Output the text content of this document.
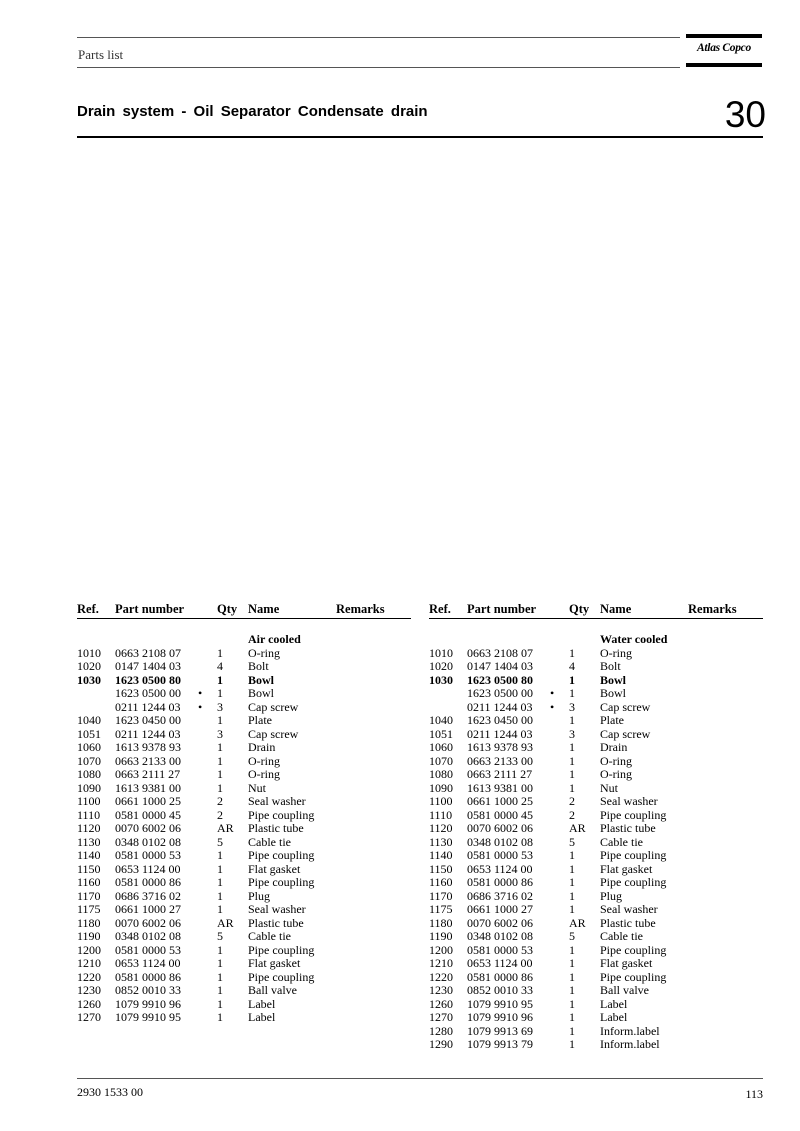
Parts list	Atlas Copco
Drain system - Oil Separator Condensate drain	30
Ref. Part number	Qty Name	Remarks
Air cooled
1010 0663 2108 07	1 O-ring
1020 0147 1404 03	4 Bolt
1030 1623 0500 80	1 Bowl
1623 0500 00 • 1 Bowl
0211 1244 03 • 3 Cap screw
1040 1623 0450 00	1 Plate
1051 0211 1244 03	3 Cap screw
1060 1613 9378 93	1 Drain
1070 0663 2133 00	1 O-ring
1080 0663 2111 27	1 O-ring
1090 1613 9381 00	1 Nut
1100 0661 1000 25	2 Seal washer
1110 0581 0000 45	2 Pipe coupling
1120 0070 6002 06	AR Plastic tube
1130 0348 0102 08	5 Cable tie
1140 0581 0000 53	1 Pipe coupling
1150 0653 1124 00	1 Flat gasket
1160 0581 0000 86	1 Pipe coupling
1170 0686 3716 02	1 Plug
1175 0661 1000 27	1 Seal washer
1180 0070 6002 06	AR Plastic tube
1190 0348 0102 08	5 Cable tie
1200 0581 0000 53	1 Pipe coupling
1210 0653 1124 00	1 Flat gasket
1220 0581 0000 86	1 Pipe coupling
1230 0852 0010 33	1 Ball valve
1260 1079 9910 96	1 Label
1270 1079 9910 95	1 Label
Ref. Part number	Qty Name	Remarks
Water cooled
1010 0663 2108 07	1 O-ring
1020 0147 1404 03	4 Bolt
1030 1623 0500 80	1 Bowl
1623 0500 00 • 1 Bowl
0211 1244 03 • 3 Cap screw
1040 1623 0450 00	1 Plate
1051 0211 1244 03	3 Cap screw
1060 1613 9378 93	1 Drain
1070 0663 2133 00	1 O-ring
1080 0663 2111 27	1 O-ring
1090 1613 9381 00	1 Nut
1100 0661 1000 25	2 Seal washer
1110 0581 0000 45	2 Pipe coupling
1120 0070 6002 06	AR Plastic tube
1130 0348 0102 08	5 Cable tie
1140 0581 0000 53	1 Pipe coupling
1150 0653 1124 00	1 Flat gasket
1160 0581 0000 86	1 Pipe coupling
1170 0686 3716 02	1 Plug
1175 0661 1000 27	1 Seal washer
1180 0070 6002 06	AR Plastic tube
1190 0348 0102 08	5 Cable tie
1200 0581 0000 53	1 Pipe coupling
1210 0653 1124 00	1 Flat gasket
1220 0581 0000 86	1 Pipe coupling
1230 0852 0010 33	1 Ball valve
1260 1079 9910 95	1 Label
1270 1079 9910 96	1 Label
1280 1079 9913 69	1 Inform.label
1290 1079 9913 79	1 Inform.label
2930 1533 00	113
